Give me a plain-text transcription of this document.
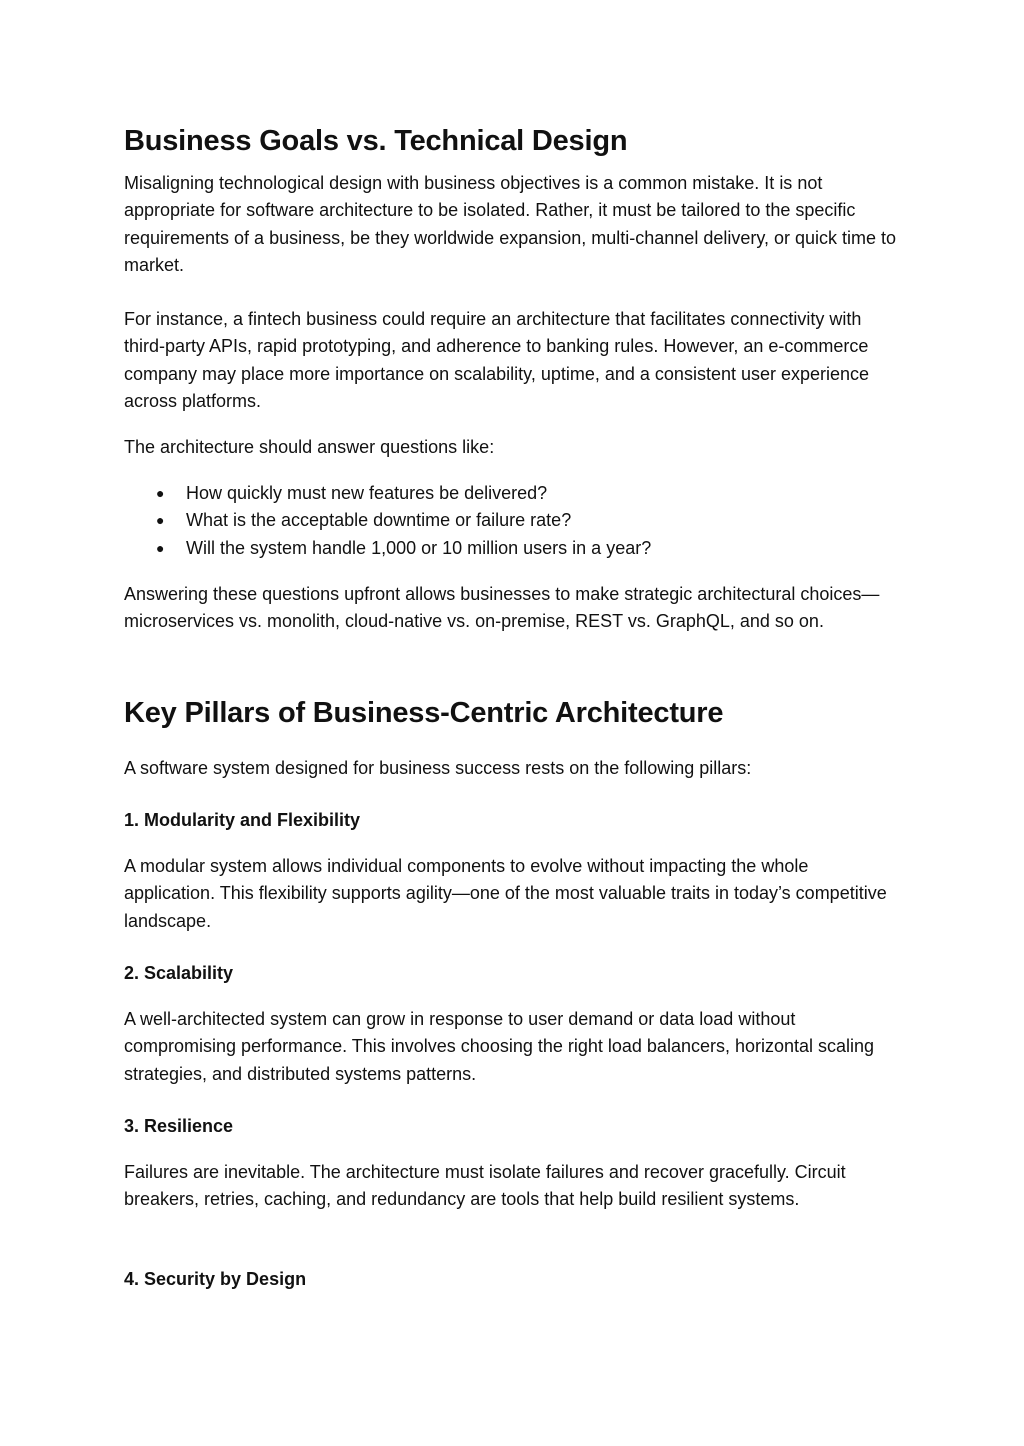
Business Goals vs. Technical Design

Misaligning technological design with business objectives is a common mistake. It is not appropriate for software architecture to be isolated. Rather, it must be tailored to the specific requirements of a business, be they worldwide expansion, multi-channel delivery, or quick time to market.

For instance, a fintech business could require an architecture that facilitates connectivity with third-party APIs, rapid prototyping, and adherence to banking rules. However, an e-commerce company may place more importance on scalability, uptime, and a consistent user experience across platforms.

The architecture should answer questions like:

● How quickly must new features be delivered?
● What is the acceptable downtime or failure rate?
● Will the system handle 1,000 or 10 million users in a year?

Answering these questions upfront allows businesses to make strategic architectural choices—microservices vs. monolith, cloud-native vs. on-premise, REST vs. GraphQL, and so on.

Key Pillars of Business-Centric Architecture

A software system designed for business success rests on the following pillars:

1. Modularity and Flexibility

A modular system allows individual components to evolve without impacting the whole application. This flexibility supports agility—one of the most valuable traits in today’s competitive landscape.

2. Scalability

A well-architected system can grow in response to user demand or data load without compromising performance. This involves choosing the right load balancers, horizontal scaling strategies, and distributed systems patterns.

3. Resilience

Failures are inevitable. The architecture must isolate failures and recover gracefully. Circuit breakers, retries, caching, and redundancy are tools that help build resilient systems.

4. Security by Design
